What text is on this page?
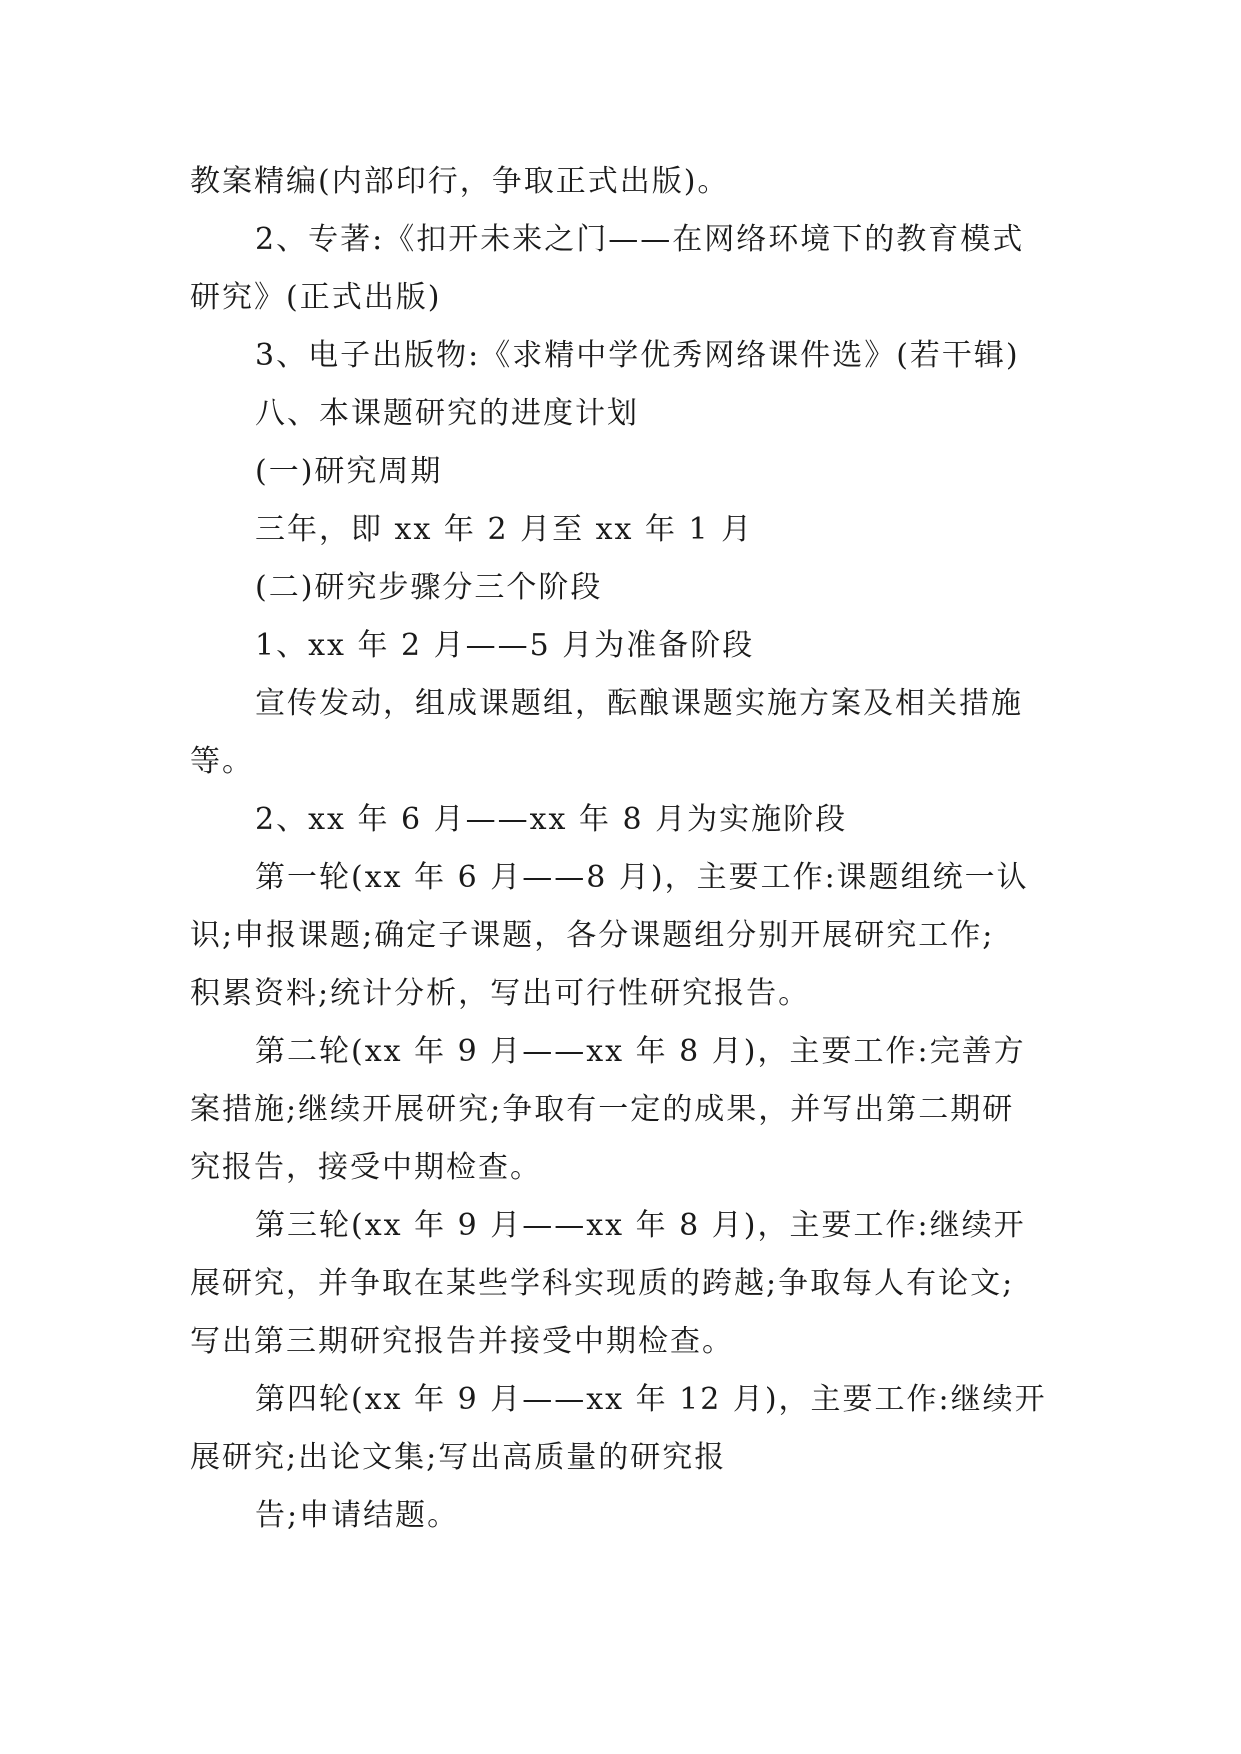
教案精编(内部印行，争取正式出版)。
2、专著:《扣开未来之门——在网络环境下的教育模式
研究》(正式出版)
3、电子出版物:《求精中学优秀网络课件选》(若干辑)
八、本课题研究的进度计划
(一)研究周期
三年，即 xx 年 2 月至 xx 年 1 月
(二)研究步骤分三个阶段
1、xx 年 2 月——5 月为准备阶段
宣传发动，组成课题组，酝酿课题实施方案及相关措施
等。
2、xx 年 6 月——xx 年 8 月为实施阶段
第一轮(xx 年 6 月——8 月)，主要工作:课题组统一认
识;申报课题;确定子课题，各分课题组分别开展研究工作;
积累资料;统计分析，写出可行性研究报告。
第二轮(xx 年 9 月——xx 年 8 月)，主要工作:完善方
案措施;继续开展研究;争取有一定的成果，并写出第二期研
究报告，接受中期检查。
第三轮(xx 年 9 月——xx 年 8 月)，主要工作:继续开
展研究，并争取在某些学科实现质的跨越;争取每人有论文;
写出第三期研究报告并接受中期检查。
第四轮(xx 年 9 月——xx 年 12 月)，主要工作:继续开
展研究;出论文集;写出高质量的研究报
告;申请结题。
